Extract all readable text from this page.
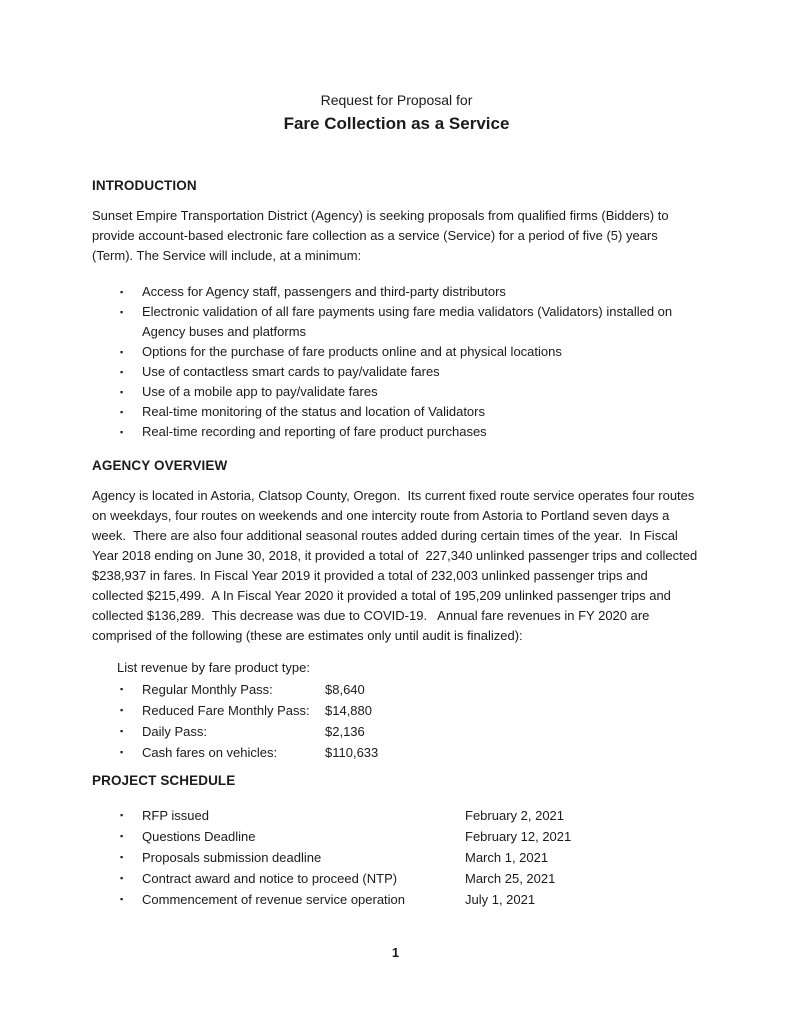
Request for Proposal for
Fare Collection as a Service
INTRODUCTION

Sunset Empire Transportation District (Agency) is seeking proposals from qualified firms (Bidders) to provide account-based electronic fare collection as a service (Service) for a period of five (5) years (Term). The Service will include, at a minimum:

▪
Access for Agency staff, passengers and third-party distributors
▪
Electronic validation of all fare payments using fare media validators (Validators) installed on Agency buses and platforms
▪
Options for the purchase of fare products online and at physical locations
▪
Use of contactless smart cards to pay/validate fares
▪
Use of a mobile app to pay/validate fares
▪
Real-time monitoring of the status and location of Validators
▪
Real-time recording and reporting of fare product purchases
AGENCY OVERVIEW

Agency is located in Astoria, Clatsop County, Oregon.  Its current fixed route service operates four routes on weekdays, four routes on weekends and one intercity route from Astoria to Portland seven days a week.  There are also four additional seasonal routes added during certain times of the year.  In Fiscal Year 2018 ending on June 30, 2018, it provided a total of  227,340 unlinked passenger trips and collected $238,937 in fares. In Fiscal Year 2019 it provided a total of 232,003 unlinked passenger trips and collected $215,499.  A In Fiscal Year 2020 it provided a total of 195,209 unlinked passenger trips and collected $136,289.  This decrease was due to COVID-19.   Annual fare revenues in FY 2020 are comprised of the following (these are estimates only until audit is finalized):

List revenue by fare product type:
▪
Regular Monthly Pass:	$8,640
▪
Reduced Fare Monthly Pass: $14,880
▪
Daily Pass:	$2,136
▪
Cash fares on vehicles:	$110,633
PROJECT SCHEDULE
▪
RFP issued	February 2, 2021
▪
Questions Deadline	February 12, 2021
▪
Proposals submission deadline	March 1, 2021
▪
Contract award and notice to proceed (NTP)	March 25, 2021
▪
Commencement of revenue service operation	July 1, 2021
1
